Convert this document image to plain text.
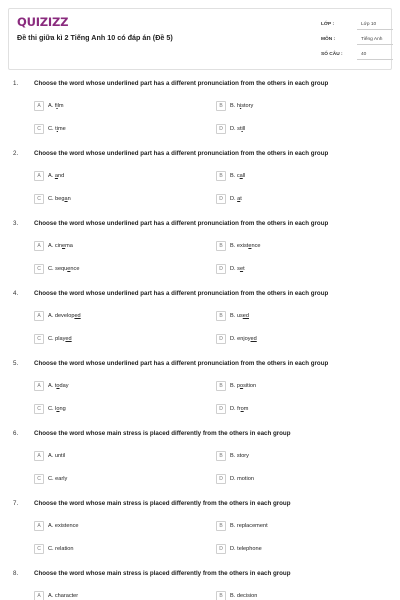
QUIZIZZ
Đề thi giữa kì 2 Tiếng Anh 10 có đáp án (Đề 5)
LỚP :	Lớp 10
MÔN :	Tiếng Anh
SỐ CÂU :	40
1.	Choose the word whose underlined part has a different pronunciation from the others in each group
A	A. film	B	B. history
C	C. time	D	D. still
2.	Choose the word whose underlined part has a different pronunciation from the others in each group
A	A. and	B	B. call
C	C. began	D	D. at
3.	Choose the word whose underlined part has a different pronunciation from the others in each group
A	A. cinema	B	B. existence
C	C. sequence	D	D. set
4.	Choose the word whose underlined part has a different pronunciation from the others in each group
A	A. developed	B	B. used
C	C. played	D	D. enjoyed
5.	Choose the word whose underlined part has a different pronunciation from the others in each group
A	A. today	B	B. position
C	C. long	D	D. from
6.	Choose the word whose main stress is placed differently from the others in each group
A	A. until	B	B. story
C	C. early	D	D. motion
7.	Choose the word whose main stress is placed differently from the others in each group
A	A. existence	B	B. replacement
C	C. relation	D	D. telephone
8.	Choose the word whose main stress is placed differently from the others in each group
A	A. character	B	B. decision
